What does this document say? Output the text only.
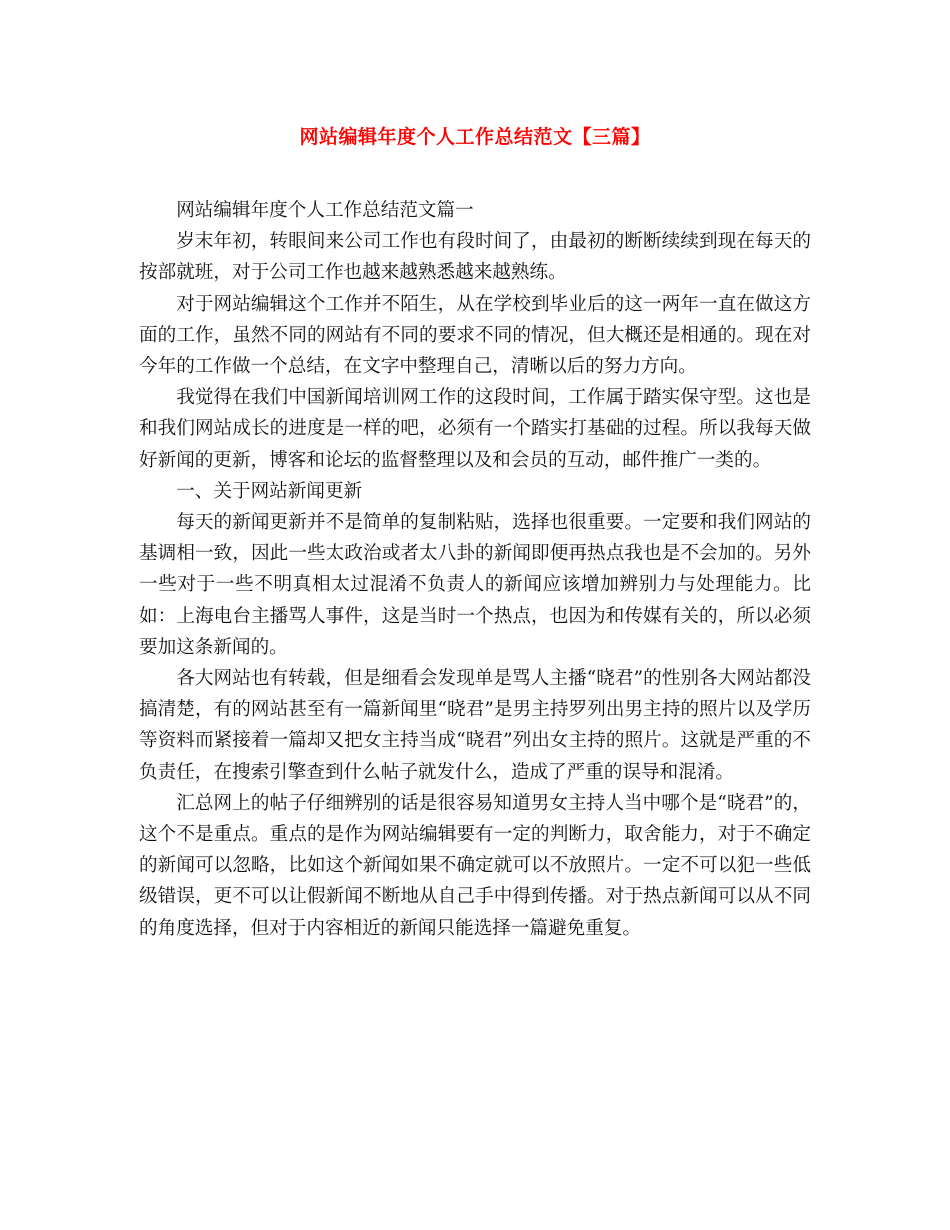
网站编辑年度个人工作总结范文【三篇】

网站编辑年度个人工作总结范文篇一

岁末年初，转眼间来公司工作也有段时间了，由最初的断断续续到现在每天的按部就班，对于公司工作也越来越熟悉越来越熟练。

对于网站编辑这个工作并不陌生，从在学校到毕业后的这一两年一直在做这方面的工作，虽然不同的网站有不同的要求不同的情况，但大概还是相通的。现在对今年的工作做一个总结，在文字中整理自己，清晰以后的努力方向。

我觉得在我们中国新闻培训网工作的这段时间，工作属于踏实保守型。这也是和我们网站成长的进度是一样的吧，必须有一个踏实打基础的过程。所以我每天做好新闻的更新，博客和论坛的监督整理以及和会员的互动，邮件推广一类的。

一、关于网站新闻更新

每天的新闻更新并不是简单的复制粘贴，选择也很重要。一定要和我们网站的基调相一致，因此一些太政治或者太八卦的新闻即便再热点我也是不会加的。另外一些对于一些不明真相太过混淆不负责人的新闻应该增加辨别力与处理能力。比如：上海电台主播骂人事件，这是当时一个热点，也因为和传媒有关的，所以必须要加这条新闻的。

各大网站也有转载，但是细看会发现单是骂人主播“晓君”的性别各大网站都没搞清楚，有的网站甚至有一篇新闻里“晓君”是男主持罗列出男主持的照片以及学历等资料而紧接着一篇却又把女主持当成“晓君”列出女主持的照片。这就是严重的不负责任，在搜索引擎查到什么帖子就发什么，造成了严重的误导和混淆。

汇总网上的帖子仔细辨别的话是很容易知道男女主持人当中哪个是“晓君”的，这个不是重点。重点的是作为网站编辑要有一定的判断力，取舍能力，对于不确定的新闻可以忽略，比如这个新闻如果不确定就可以不放照片。一定不可以犯一些低级错误，更不可以让假新闻不断地从自己手中得到传播。对于热点新闻可以从不同的角度选择，但对于内容相近的新闻只能选择一篇避免重复。
